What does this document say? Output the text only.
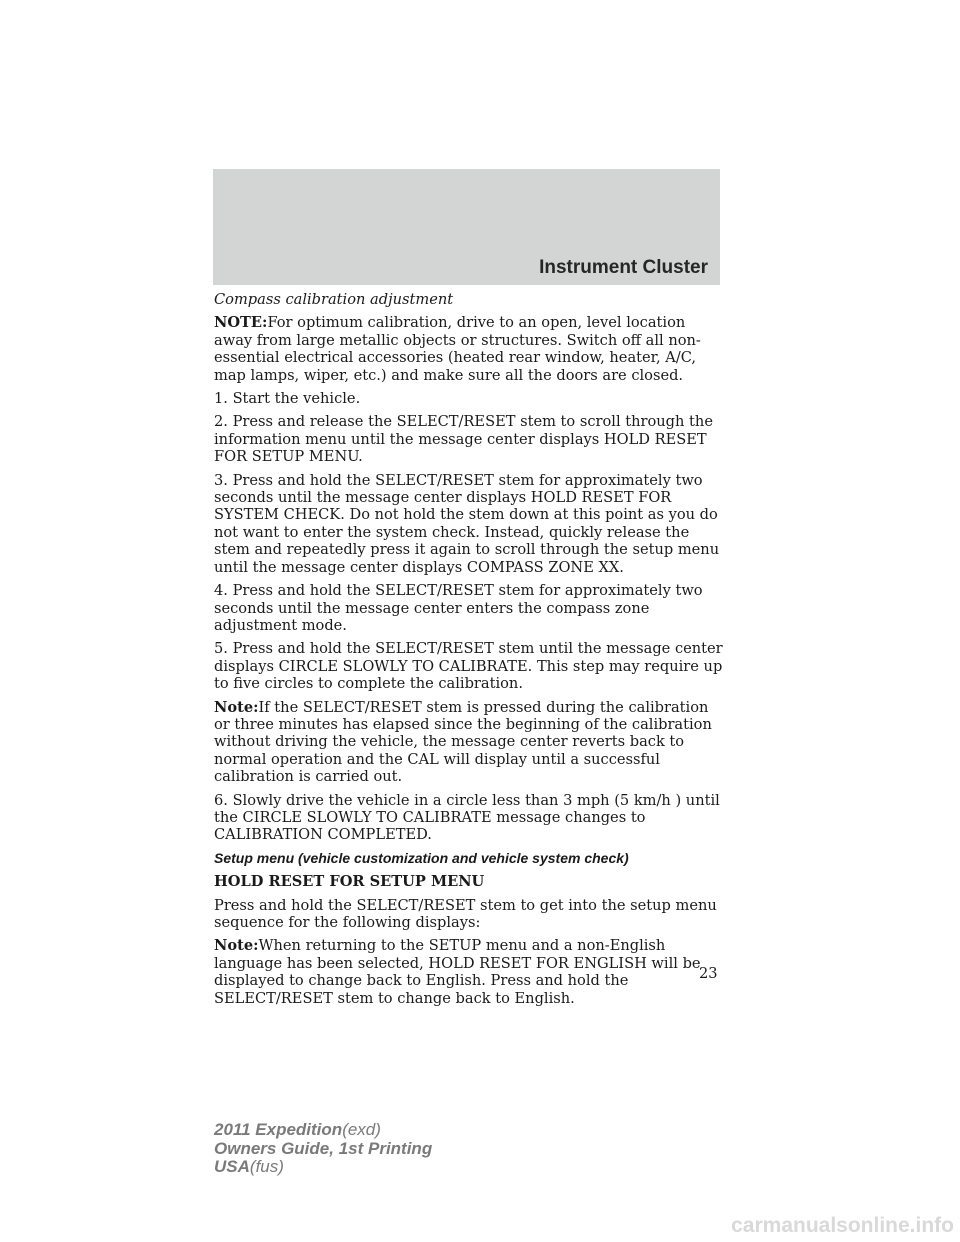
Instrument Cluster

Compass calibration adjustment

NOTE:For optimum calibration, drive to an open, level location away from large metallic objects or structures. Switch off all non-essential electrical accessories (heated rear window, heater, A/C, map lamps, wiper, etc.) and make sure all the doors are closed.

1. Start the vehicle.

2. Press and release the SELECT/RESET stem to scroll through the information menu until the message center displays HOLD RESET FOR SETUP MENU.

3. Press and hold the SELECT/RESET stem for approximately two seconds until the message center displays HOLD RESET FOR SYSTEM CHECK. Do not hold the stem down at this point as you do not want to enter the system check. Instead, quickly release the stem and repeatedly press it again to scroll through the setup menu until the message center displays COMPASS ZONE XX.

4. Press and hold the SELECT/RESET stem for approximately two seconds until the message center enters the compass zone adjustment mode.

5. Press and hold the SELECT/RESET stem until the message center displays CIRCLE SLOWLY TO CALIBRATE. This step may require up to five circles to complete the calibration.

Note:If the SELECT/RESET stem is pressed during the calibration or three minutes has elapsed since the beginning of the calibration without driving the vehicle, the message center reverts back to normal operation and the CAL will display until a successful calibration is carried out.

6. Slowly drive the vehicle in a circle less than 3 mph (5 km/h ) until the CIRCLE SLOWLY TO CALIBRATE message changes to CALIBRATION COMPLETED.

Setup menu (vehicle customization and vehicle system check)

HOLD RESET FOR SETUP MENU

Press and hold the SELECT/RESET stem to get into the setup menu sequence for the following displays:

Note:When returning to the SETUP menu and a non-English language has been selected, HOLD RESET FOR ENGLISH will be displayed to change back to English. Press and hold the SELECT/RESET stem to change back to English.

23
2011 Expedition(exd)
Owners Guide, 1st Printing
USA(fus)
carmanualsonline.info
